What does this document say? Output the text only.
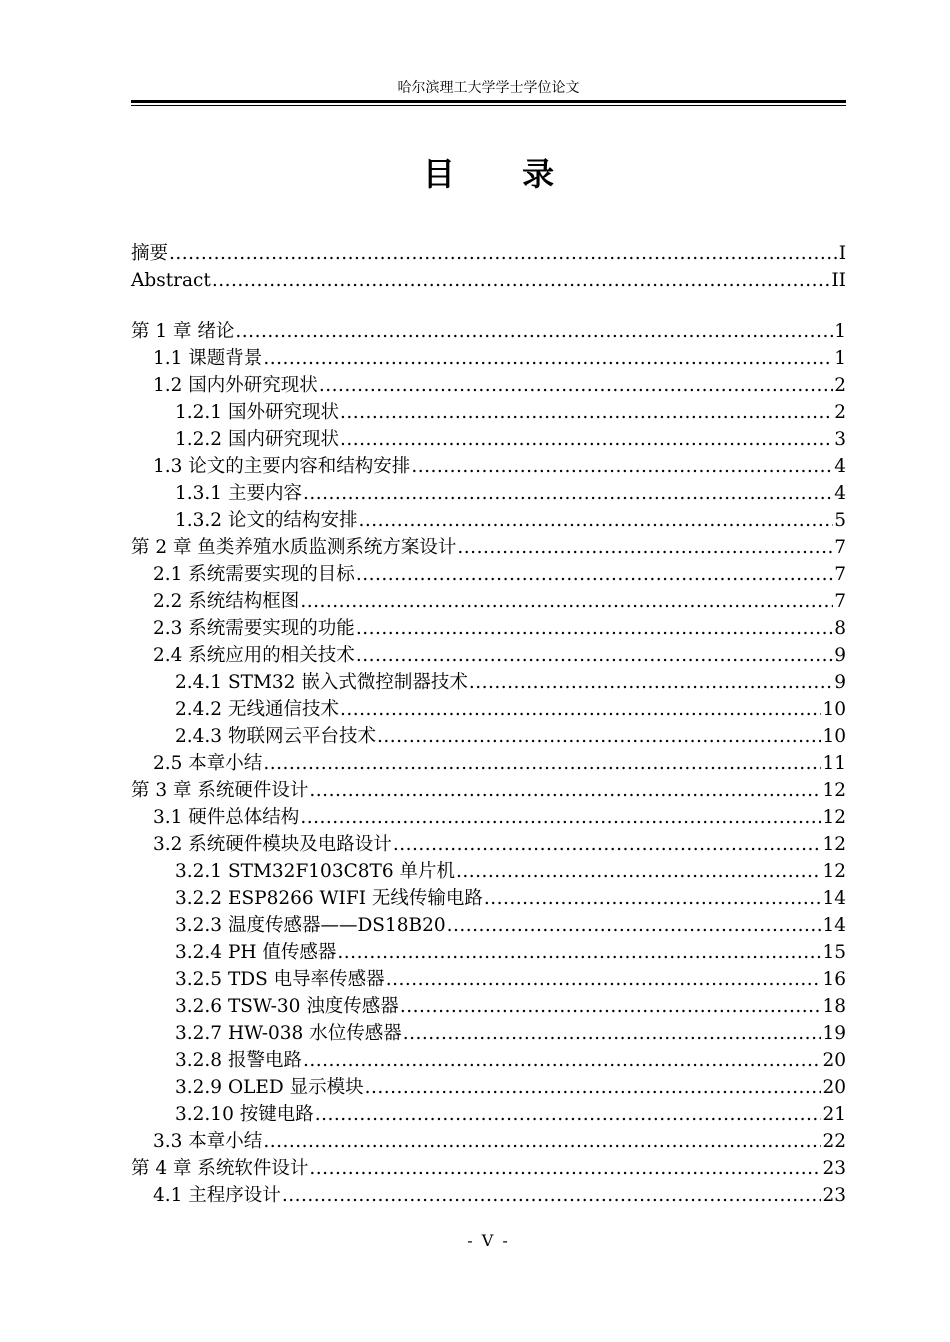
哈尔滨理工大学学士学位论文
目 录
摘要 .....	I
Abstract .....	II
第 1 章 绪论 .....	1
1.1 课题背景 .....	1
1.2 国内外研究现状 .....	2
1.2.1 国外研究现状 .....	2
1.2.2 国内研究现状 .....	3
1.3 论文的主要内容和结构安排 .....	4
1.3.1 主要内容 .....	4
1.3.2 论文的结构安排 .....	5
第 2 章 鱼类养殖水质监测系统方案设计 .....	7
2.1 系统需要实现的目标 .....	7
2.2 系统结构框图 .....	7
2.3 系统需要实现的功能 .....	8
2.4 系统应用的相关技术 .....	9
2.4.1 STM32 嵌入式微控制器技术 .....	9
2.4.2 无线通信技术 .....	10
2.4.3 物联网云平台技术 .....	10
2.5 本章小结 .....	11
第 3 章 系统硬件设计 .....	12
3.1 硬件总体结构 .....	12
3.2 系统硬件模块及电路设计 .....	12
3.2.1 STM32F103C8T6 单片机 .....	12
3.2.2 ESP8266 WIFI 无线传输电路 .....	14
3.2.3 温度传感器——DS18B20 .....	14
3.2.4 PH 值传感器 .....	15
3.2.5 TDS 电导率传感器 .....	16
3.2.6 TSW-30 浊度传感器 .....	18
3.2.7 HW-038 水位传感器 .....	19
3.2.8 报警电路 .....	20
3.2.9 OLED 显示模块 .....	20
3.2.10 按键电路 .....	21
3.3 本章小结 .....	22
第 4 章 系统软件设计 .....	23
4.1 主程序设计 .....	23
- V -
